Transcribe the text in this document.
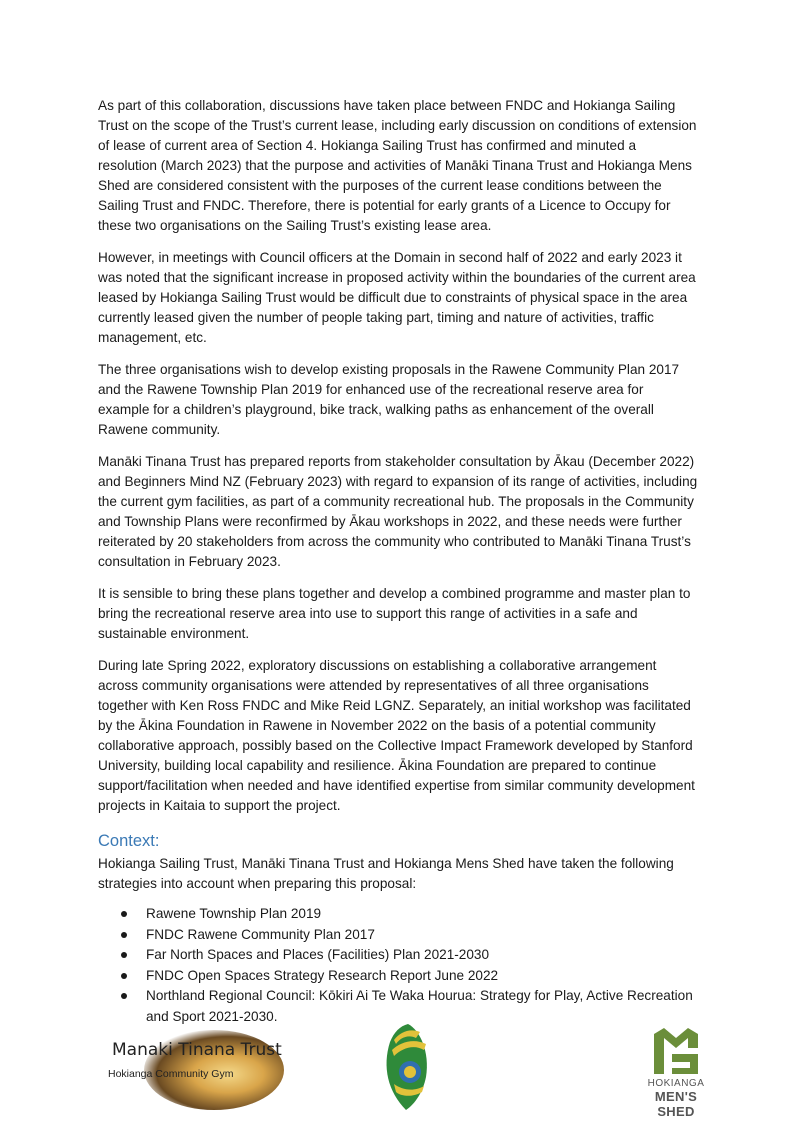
As part of this collaboration, discussions have taken place between FNDC and Hokianga Sailing Trust on the scope of the Trust’s current lease, including early discussion on conditions of extension of lease of current area of Section 4. Hokianga Sailing Trust has confirmed and minuted a resolution (March 2023) that the purpose and activities of Manāki Tinana Trust and Hokianga Mens Shed are considered consistent with the purposes of the current lease conditions between the Sailing Trust and FNDC. Therefore, there is potential for early grants of a Licence to Occupy for these two organisations on the Sailing Trust’s existing lease area.

However, in meetings with Council officers at the Domain in second half of 2022 and early 2023 it was noted that the significant increase in proposed activity within the boundaries of the current area leased by Hokianga Sailing Trust would be difficult due to constraints of physical space in the area currently leased given the number of people taking part, timing and nature of activities, traffic management, etc.

The three organisations wish to develop existing proposals in the Rawene Community Plan 2017 and the Rawene Township Plan 2019 for enhanced use of the recreational reserve area for example for a children’s playground, bike track, walking paths as enhancement of the overall Rawene community.

Manāki Tinana Trust has prepared reports from stakeholder consultation by Ākau (December 2022) and Beginners Mind NZ (February 2023) with regard to expansion of its range of activities, including the current gym facilities, as part of a community recreational hub. The proposals in the Community and Township Plans were reconfirmed by Ākau workshops in 2022, and these needs were further reiterated by 20 stakeholders from across the community who contributed to Manāki Tinana Trust’s consultation in February 2023.

It is sensible to bring these plans together and develop a combined programme and master plan to bring the recreational reserve area into use to support this range of activities in a safe and sustainable environment.

During late Spring 2022, exploratory discussions on establishing a collaborative arrangement across community organisations were attended by representatives of all three organisations together with Ken Ross FNDC and Mike Reid LGNZ. Separately, an initial workshop was facilitated by the Ākina Foundation in Rawene in November 2022 on the basis of a potential community collaborative approach, possibly based on the Collective Impact Framework developed by Stanford University, building local capability and resilience. Ākina Foundation are prepared to continue support/facilitation when needed and have identified expertise from similar community development projects in Kaitaia to support the project.

Context:

Hokianga Sailing Trust, Manāki Tinana Trust and Hokianga Mens Shed have taken the following strategies into account when preparing this proposal:

Rawene Township Plan 2019
FNDC Rawene Community Plan 2017
Far North Spaces and Places (Facilities) Plan 2021-2030
FNDC Open Spaces Strategy Research Report June 2022
Northland Regional Council: Kōkiri Ai Te Waka Hourua: Strategy for Play, Active Recreation and Sport 2021-2030.
Manaki Tinana Trust
Hokianga Community Gym
HOKIANGA
MEN'S SHED
